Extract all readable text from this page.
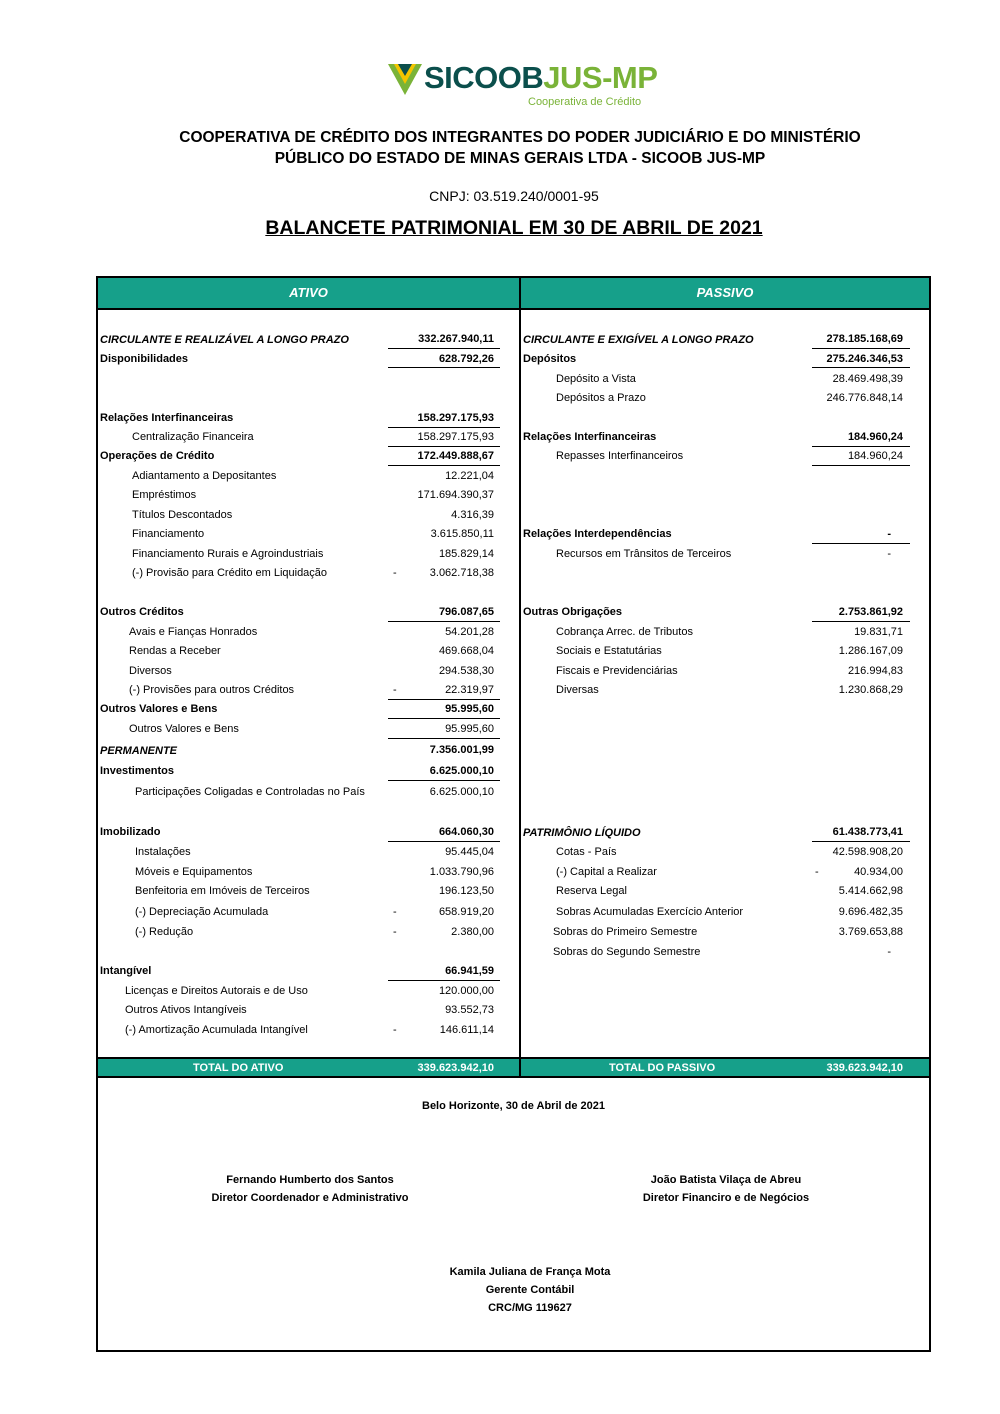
SICOOBJUS-MP
Cooperativa de Crédito
COOPERATIVA DE CRÉDITO DOS INTEGRANTES DO PODER JUDICIÁRIO E DO MINISTÉRIO
PÚBLICO DO ESTADO DE MINAS GERAIS LTDA - SICOOB JUS-MP
CNPJ: 03.519.240/0001-95
BALANCETE PATRIMONIAL EM 30 DE ABRIL DE 2021
ATIVO	PASSIVO
CIRCULANTE E REALIZÁVEL A LONGO PRAZO	332.267.940,11
Disponibilidades	628.792,26
Relações Interfinanceiras	158.297.175,93
Centralização Financeira	158.297.175,93
Operações de Crédito	172.449.888,67
Adiantamento a Depositantes	12.221,04
Empréstimos	171.694.390,37
Títulos Descontados	4.316,39
Financiamento	3.615.850,11
Financiamento Rurais e Agroindustriais	185.829,14
(-) Provisão para Crédito em Liquidação	-	3.062.718,38
Outros Créditos	796.087,65
Avais e Fianças Honrados	54.201,28
Rendas a Receber	469.668,04
Diversos	294.538,30
(-) Provisões para outros Créditos	-	22.319,97
Outros Valores e Bens	95.995,60
Outros Valores e Bens	95.995,60
PERMANENTE	7.356.001,99
Investimentos	6.625.000,10
Participações Coligadas e Controladas no País	6.625.000,10
Imobilizado	664.060,30
Instalações	95.445,04
Móveis e Equipamentos	1.033.790,96
Benfeitoria em Imóveis de Terceiros	196.123,50
(-) Depreciação Acumulada	-	658.919,20
(-) Redução	-	2.380,00
Intangível	66.941,59
Licenças e Direitos Autorais e de Uso	120.000,00
Outros Ativos Intangíveis	93.552,73
(-) Amortização Acumulada Intangível	-	146.611,14
CIRCULANTE E EXIGÍVEL A LONGO PRAZO	278.185.168,69
Depósitos	275.246.346,53
Depósito a Vista	28.469.498,39
Depósitos a Prazo	246.776.848,14
Relações Interfinanceiras	184.960,24
Repasses Interfinanceiros	184.960,24
Relações Interdependências	-
Recursos em Trânsitos de Terceiros	-
Outras Obrigações	2.753.861,92
Cobrança Arrec. de Tributos	19.831,71
Sociais e Estatutárias	1.286.167,09
Fiscais e Previdenciárias	216.994,83
Diversas	1.230.868,29
PATRIMÔNIO LÍQUIDO	61.438.773,41
Cotas - País	42.598.908,20
(-) Capital a Realizar	-	40.934,00
Reserva Legal	5.414.662,98
Sobras Acumuladas Exercício Anterior	9.696.482,35
Sobras do Primeiro Semestre	3.769.653,88
Sobras do Segundo Semestre	-
TOTAL DO ATIVO	339.623.942,10	TOTAL DO PASSIVO	339.623.942,10
Belo Horizonte, 30 de Abril de 2021
Fernando Humberto dos Santos
Diretor Coordenador e Administrativo
João Batista Vilaça de Abreu
Diretor Financiro e de Negócios
Kamila Juliana de França Mota
Gerente Contábil
CRC/MG 119627
